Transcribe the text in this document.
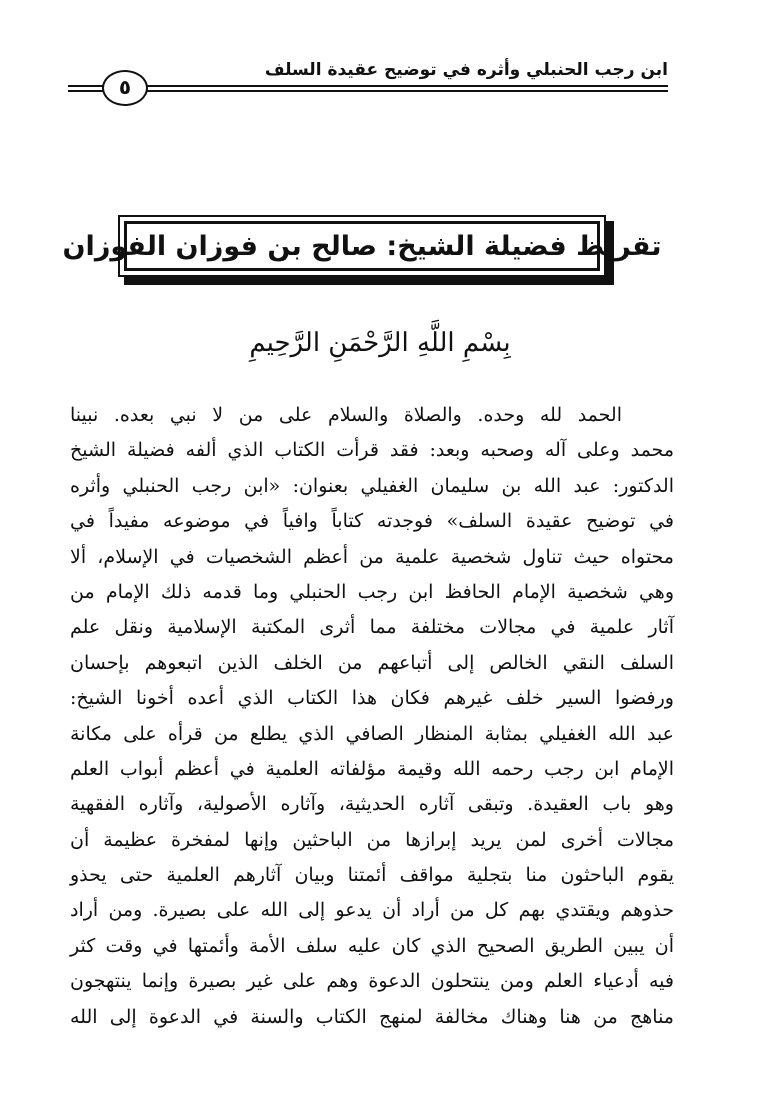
ابن رجب الحنبلي وأثره في توضيح عقيدة السلف
٥
تقريظ فضيلة الشيخ: صالح بن فوزان الفوزان
بِسْمِ اللَّهِ الرَّحْمَنِ الرَّحِيمِ
الحمد لله وحده. والصلاة والسلام على من لا نبي بعده. نبينا
محمد وعلى آله وصحبه وبعد: فقد قرأت الكتاب الذي ألفه فضيلة الشيخ
الدكتور: عبد الله بن سليمان الغفيلي بعنوان: «ابن رجب الحنبلي وأثره
في توضيح عقيدة السلف» فوجدته كتاباً وافياً في موضوعه مفيداً في
محتواه حيث تناول شخصية علمية من أعظم الشخصيات في الإسلام، ألا
وهي شخصية الإمام الحافظ ابن رجب الحنبلي وما قدمه ذلك الإمام من
آثار علمية في مجالات مختلفة مما أثرى المكتبة الإسلامية ونقل علم
السلف النقي الخالص إلى أتباعهم من الخلف الذين اتبعوهم بإحسان
ورفضوا السير خلف غيرهم فكان هذا الكتاب الذي أعده أخونا الشيخ:
عبد الله الغفيلي بمثابة المنظار الصافي الذي يطلع من قرأه على مكانة
الإمام ابن رجب رحمه الله وقيمة مؤلفاته العلمية في أعظم أبواب العلم
وهو باب العقيدة. وتبقى آثاره الحديثية، وآثاره الأصولية، وآثاره الفقهية
مجالات أخرى لمن يريد إبرازها من الباحثين وإنها لمفخرة عظيمة أن
يقوم الباحثون منا بتجلية مواقف أئمتنا وبيان آثارهم العلمية حتى يحذو
حذوهم ويقتدي بهم كل من أراد أن يدعو إلى الله على بصيرة. ومن أراد
أن يبين الطريق الصحيح الذي كان عليه سلف الأمة وأئمتها في وقت كثر
فيه أدعياء العلم ومن ينتحلون الدعوة وهم على غير بصيرة وإنما ينتهجون
مناهج من هنا وهناك مخالفة لمنهج الكتاب والسنة في الدعوة إلى الله
